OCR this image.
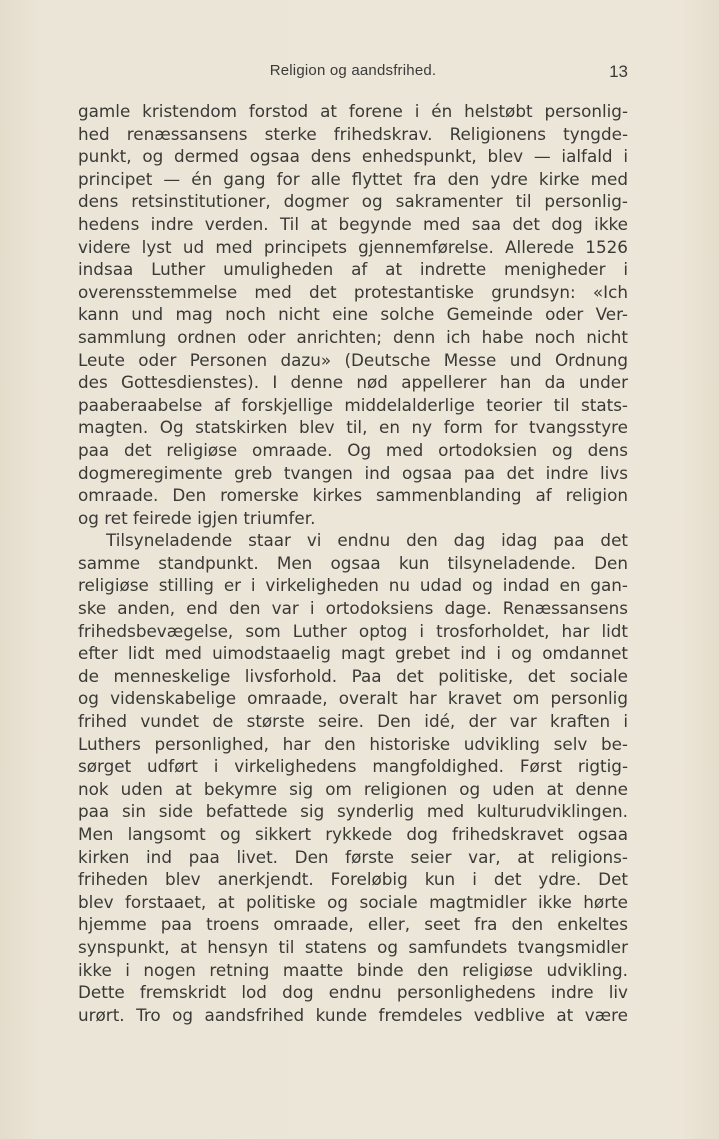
Religion og aandsfrihed.	13
gamle kristendom forstod at forene i én helstøbt personlig-
hed renæssansens sterke frihedskrav. Religionens tyngde-
punkt, og dermed ogsaa dens enhedspunkt, blev — ialfald i
principet — én gang for alle flyttet fra den ydre kirke med
dens retsinstitutioner, dogmer og sakramenter til personlig-
hedens indre verden. Til at begynde med saa det dog ikke
videre lyst ud med principets gjennemførelse. Allerede 1526
indsaa Luther umuligheden af at indrette menigheder i
overensstemmelse med det protestantiske grundsyn: «Ich
kann und mag noch nicht eine solche Gemeinde oder Ver-
sammlung ordnen oder anrichten; denn ich habe noch nicht
Leute oder Personen dazu» (Deutsche Messe und Ordnung
des Gottesdienstes). I denne nød appellerer han da under
paaberaabelse af forskjellige middelalderlige teorier til stats-
magten. Og statskirken blev til, en ny form for tvangsstyre
paa det religiøse omraade. Og med ortodoksien og dens
dogmeregimente greb tvangen ind ogsaa paa det indre livs
omraade. Den romerske kirkes sammenblanding af religion
og ret feirede igjen triumfer.
Tilsyneladende staar vi endnu den dag idag paa det
samme standpunkt. Men ogsaa kun tilsyneladende. Den
religiøse stilling er i virkeligheden nu udad og indad en gan-
ske anden, end den var i ortodoksiens dage. Renæssansens
frihedsbevægelse, som Luther optog i trosforholdet, har lidt
efter lidt med uimodstaaelig magt grebet ind i og omdannet
de menneskelige livsforhold. Paa det politiske, det sociale
og videnskabelige omraade, overalt har kravet om personlig
frihed vundet de største seire. Den idé, der var kraften i
Luthers personlighed, har den historiske udvikling selv be-
sørget udført i virkelighedens mangfoldighed. Først rigtig-
nok uden at bekymre sig om religionen og uden at denne
paa sin side befattede sig synderlig med kulturudviklingen.
Men langsomt og sikkert rykkede dog frihedskravet ogsaa
kirken ind paa livet. Den første seier var, at religions-
friheden blev anerkjendt. Foreløbig kun i det ydre. Det
blev forstaaet, at politiske og sociale magtmidler ikke hørte
hjemme paa troens omraade, eller, seet fra den enkeltes
synspunkt, at hensyn til statens og samfundets tvangsmidler
ikke i nogen retning maatte binde den religiøse udvikling.
Dette fremskridt lod dog endnu personlighedens indre liv
urørt. Tro og aandsfrihed kunde fremdeles vedblive at være
